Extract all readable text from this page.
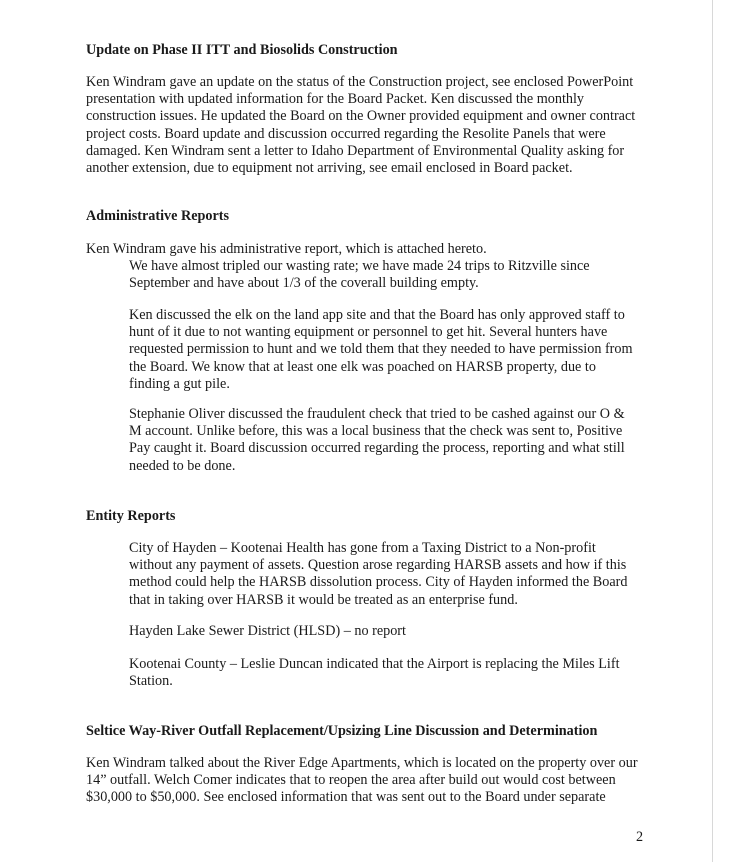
Update on Phase II ITT and Biosolids Construction
Ken Windram gave an update on the status of the Construction project, see enclosed PowerPoint
presentation with updated information for the Board Packet. Ken discussed the monthly
construction issues. He updated the Board on the Owner provided equipment and owner contract
project costs. Board update and discussion occurred regarding the Resolite Panels that were
damaged. Ken Windram sent a letter to Idaho Department of Environmental Quality asking for
another extension, due to equipment not arriving, see email enclosed in Board packet.
Administrative Reports
Ken Windram gave his administrative report, which is attached hereto.
We have almost tripled our wasting rate; we have made 24 trips to Ritzville since
September and have about 1/3 of the coverall building empty.
Ken discussed the elk on the land app site and that the Board has only approved staff to
hunt of it due to not wanting equipment or personnel to get hit. Several hunters have
requested permission to hunt and we told them that they needed to have permission from
the Board. We know that at least one elk was poached on HARSB property, due to
finding a gut pile.
Stephanie Oliver discussed the fraudulent check that tried to be cashed against our O &
M account. Unlike before, this was a local business that the check was sent to, Positive
Pay caught it. Board discussion occurred regarding the process, reporting and what still
needed to be done.
Entity Reports
City of Hayden – Kootenai Health has gone from a Taxing District to a Non-profit
without any payment of assets. Question arose regarding HARSB assets and how if this
method could help the HARSB dissolution process. City of Hayden informed the Board
that in taking over HARSB it would be treated as an enterprise fund.
Hayden Lake Sewer District (HLSD) – no report
Kootenai County – Leslie Duncan indicated that the Airport is replacing the Miles Lift
Station.
Seltice Way-River Outfall Replacement/Upsizing Line Discussion and Determination
Ken Windram talked about the River Edge Apartments, which is located on the property over our
14” outfall. Welch Comer indicates that to reopen the area after build out would cost between
$30,000 to $50,000. See enclosed information that was sent out to the Board under separate
2
